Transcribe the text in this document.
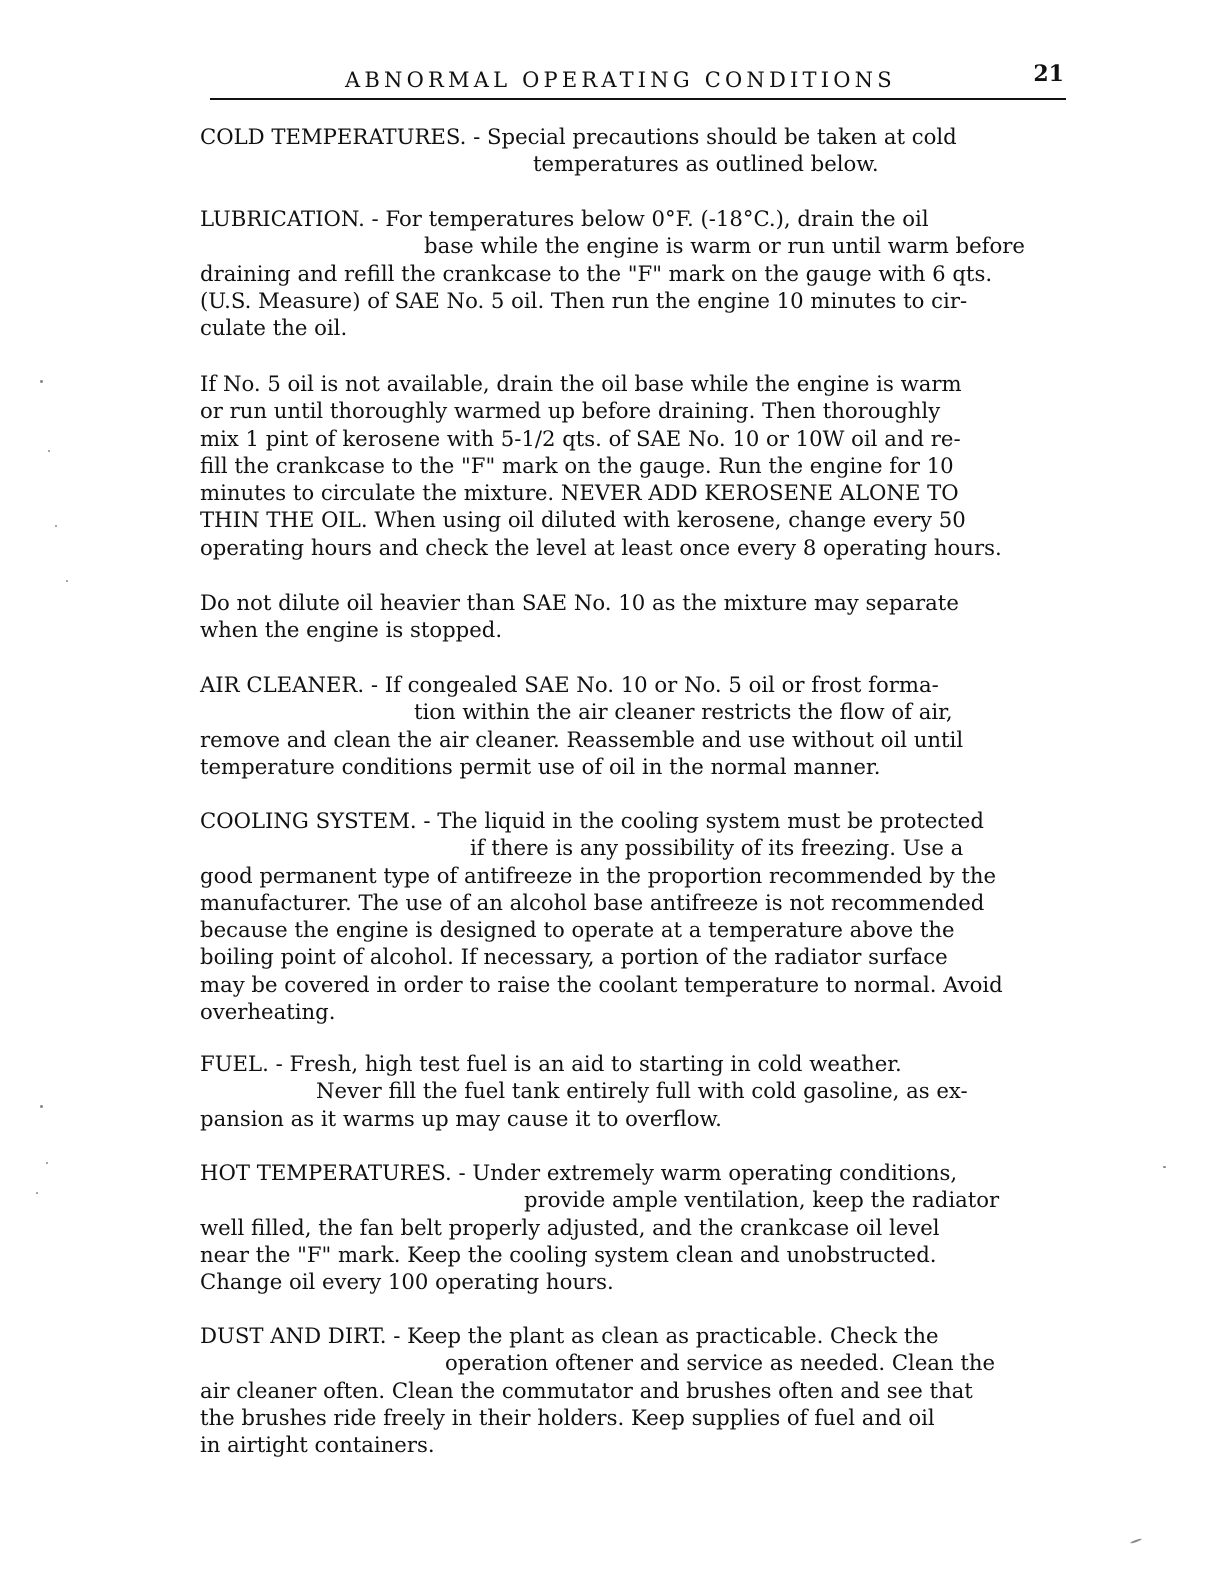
ABNORMAL OPERATING CONDITIONS	21
COLD TEMPERATURES. - Special precautions should be taken at cold
temperatures as outlined below.
LUBRICATION. - For temperatures below 0°F. (-18°C.), drain the oil
base while the engine is warm or run until warm before
draining and refill the crankcase to the "F" mark on the gauge with 6 qts.
(U.S. Measure) of SAE No. 5 oil. Then run the engine 10 minutes to cir-
culate the oil.
If No. 5 oil is not available, drain the oil base while the engine is warm
or run until thoroughly warmed up before draining. Then thoroughly
mix 1 pint of kerosene with 5-1/2 qts. of SAE No. 10 or 10W oil and re-
fill the crankcase to the "F" mark on the gauge. Run the engine for 10
minutes to circulate the mixture. NEVER ADD KEROSENE ALONE TO
THIN THE OIL. When using oil diluted with kerosene, change every 50
operating hours and check the level at least once every 8 operating hours.
Do not dilute oil heavier than SAE No. 10 as the mixture may separate
when the engine is stopped.
AIR CLEANER. - If congealed SAE No. 10 or No. 5 oil or frost forma-
tion within the air cleaner restricts the flow of air,
remove and clean the air cleaner. Reassemble and use without oil until
temperature conditions permit use of oil in the normal manner.
COOLING SYSTEM. - The liquid in the cooling system must be protected
if there is any possibility of its freezing. Use a
good permanent type of antifreeze in the proportion recommended by the
manufacturer. The use of an alcohol base antifreeze is not recommended
because the engine is designed to operate at a temperature above the
boiling point of alcohol. If necessary, a portion of the radiator surface
may be covered in order to raise the coolant temperature to normal. Avoid
overheating.
FUEL. - Fresh, high test fuel is an aid to starting in cold weather.
Never fill the fuel tank entirely full with cold gasoline, as ex-
pansion as it warms up may cause it to overflow.
HOT TEMPERATURES. - Under extremely warm operating conditions,
provide ample ventilation, keep the radiator
well filled, the fan belt properly adjusted, and the crankcase oil level
near the "F" mark. Keep the cooling system clean and unobstructed.
Change oil every 100 operating hours.
DUST AND DIRT. - Keep the plant as clean as practicable. Check the
operation oftener and service as needed. Clean the
air cleaner often. Clean the commutator and brushes often and see that
the brushes ride freely in their holders. Keep supplies of fuel and oil
in airtight containers.
